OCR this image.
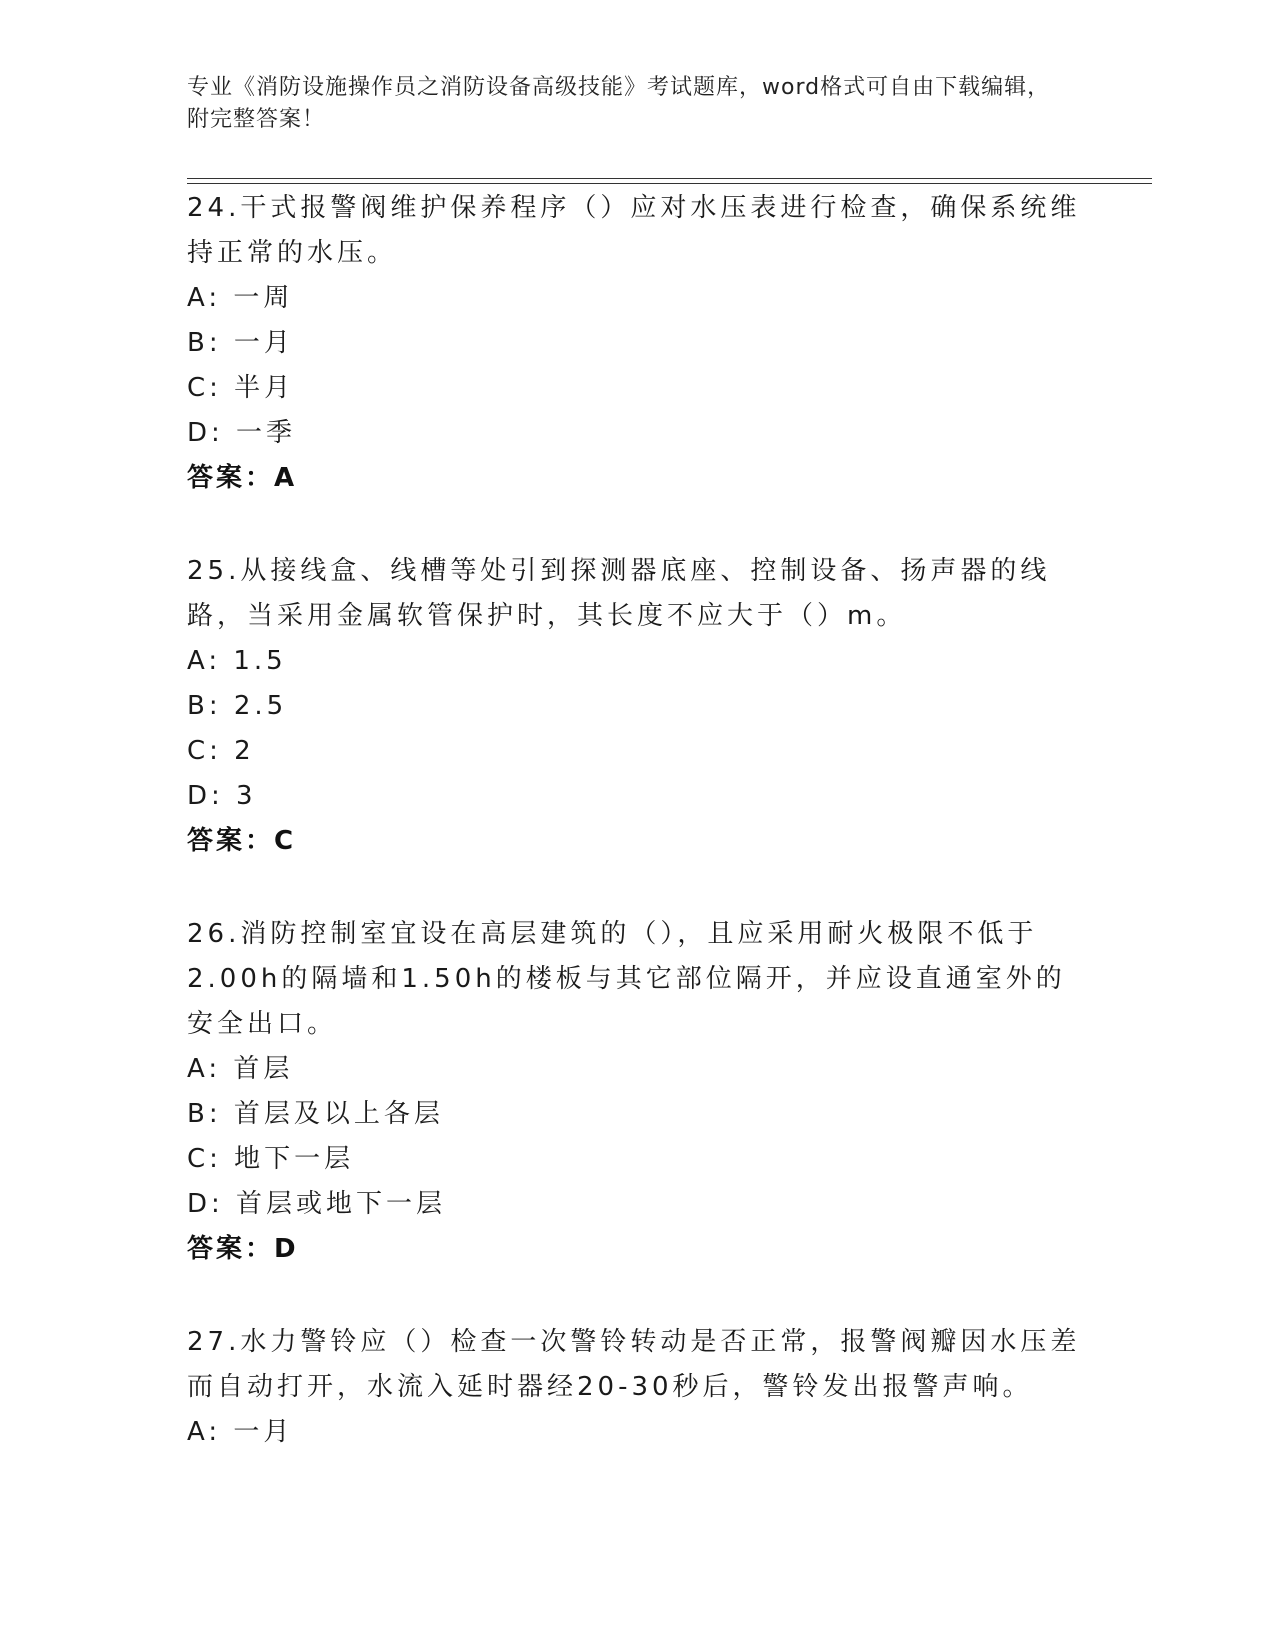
专业《消防设施操作员之消防设备高级技能》考试题库，word格式可自由下载编辑，附完整答案！
24.干式报警阀维护保养程序（）应对水压表进行检查，确保系统维持正常的水压。
A: 一周
B: 一月
C: 半月
D: 一季
答案：A
25.从接线盒、线槽等处引到探测器底座、控制设备、扬声器的线路，当采用金属软管保护时，其长度不应大于（）m。
A: 1.5
B: 2.5
C: 2
D: 3
答案：C
26.消防控制室宜设在高层建筑的（），且应采用耐火极限不低于2.00h的隔墙和1.50h的楼板与其它部位隔开，并应设直通室外的安全出口。
A: 首层
B: 首层及以上各层
C: 地下一层
D: 首层或地下一层
答案：D
27.水力警铃应（）检查一次警铃转动是否正常，报警阀瓣因水压差而自动打开，水流入延时器经20-30秒后，警铃发出报警声响。
A: 一月
